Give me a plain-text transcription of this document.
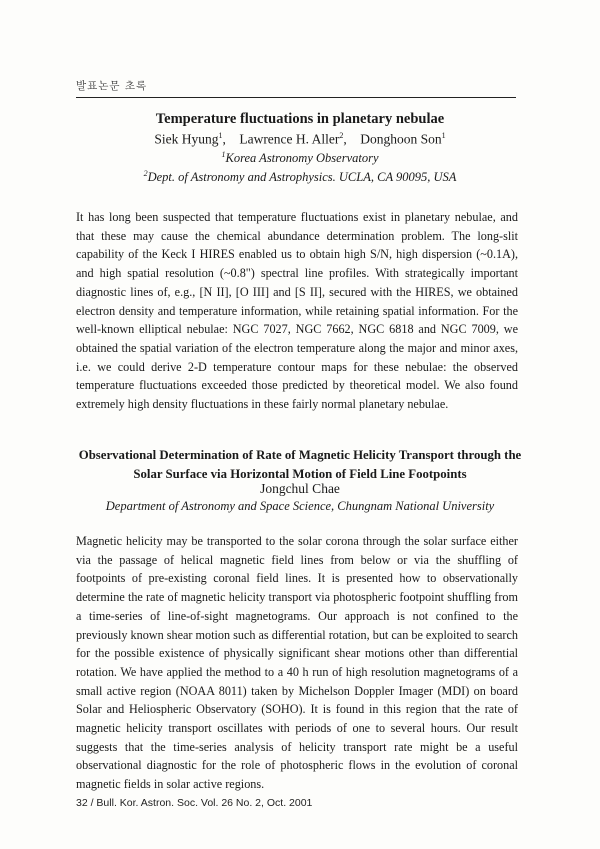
발표논문 초록
Temperature fluctuations in planetary nebulae
Siek Hyung$^1$,    Lawrence H. Aller$^2$,    Donghoon Son$^1$
$^1$Korea Astronomy Observatory
$^2$Dept. of Astronomy and Astrophysics. UCLA, CA 90095, USA

It has long been suspected that temperature fluctuations exist in planetary nebulae, and that these may cause the chemical abundance determination problem. The long-slit capability of the Keck I HIRES enabled us to obtain high S/N, high dispersion (~0.1A), and high spatial resolution (~0.8") spectral line profiles. With strategically important diagnostic lines of, e.g., [N II], [O III] and [S II], secured with the HIRES, we obtained electron density and temperature information, while retaining spatial information. For the well-known elliptical nebulae: NGC 7027, NGC 7662, NGC 6818 and NGC 7009, we obtained the spatial variation of the electron temperature along the major and minor axes, i.e. we could derive 2-D temperature contour maps for these nebulae: the observed temperature fluctuations exceeded those predicted by theoretical model. We also found extremely high density fluctuations in these fairly normal planetary nebulae.

Observational Determination of Rate of Magnetic Helicity Transport through the Solar Surface via Horizontal Motion of Field Line Footpoints

Jongchul Chae
Department of Astronomy and Space Science, Chungnam National University

Magnetic helicity may be transported to the solar corona through the solar surface either via the passage of helical magnetic field lines from below or via the shuffling of footpoints of pre-existing coronal field lines. It is presented how to observationally determine the rate of magnetic helicity transport via photospheric footpoint shuffling from a time-series of line-of-sight magnetograms. Our approach is not confined to the previously known shear motion such as differential rotation, but can be exploited to search for the possible existence of physically significant shear motions other than differential rotation. We have applied the method to a 40 h run of high resolution magnetograms of a small active region (NOAA 8011) taken by Michelson Doppler Imager (MDI) on board Solar and Heliospheric Observatory (SOHO). It is found in this region that the rate of magnetic helicity transport oscillates with periods of one to several hours. Our result suggests that the time-series analysis of helicity transport rate might be a useful observational diagnostic for the role of photospheric flows in the evolution of coronal magnetic fields in solar active regions.

32 / Bull. Kor. Astron. Soc. Vol. 26 No. 2, Oct. 2001
